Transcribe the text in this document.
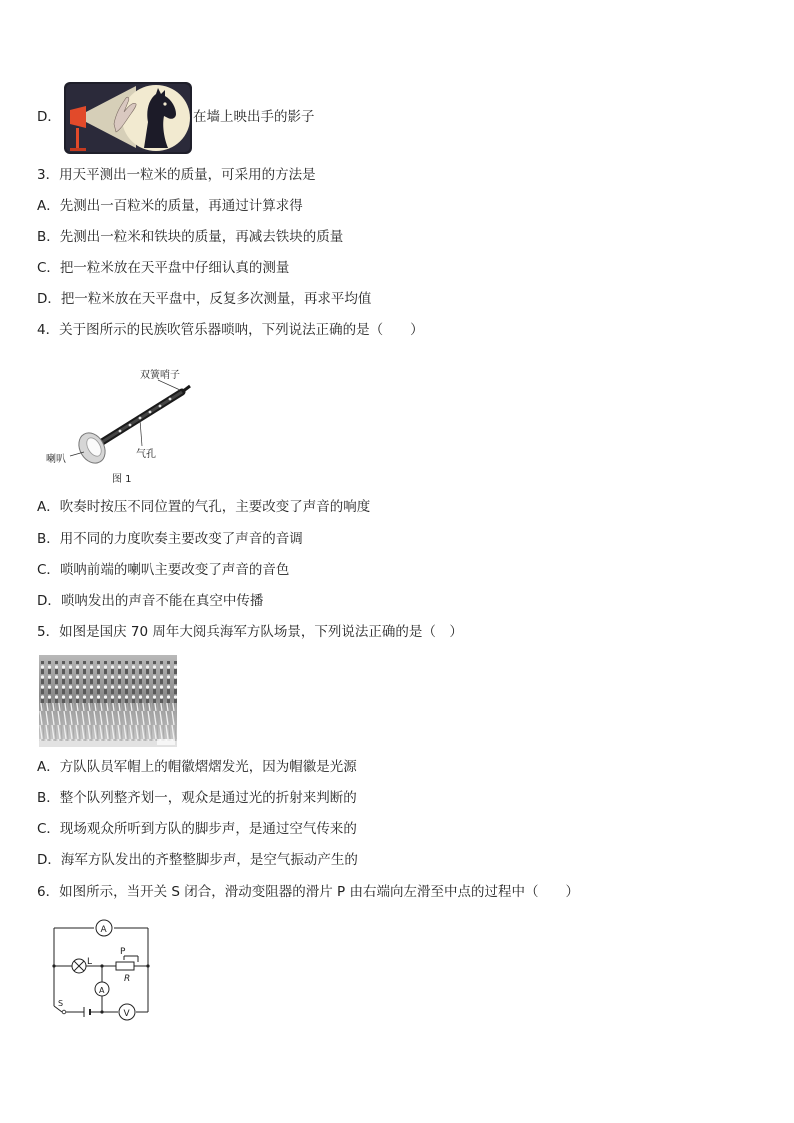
D．	在墙上映出手的影子
3．用天平测出一粒米的质量，可采用的方法是
A．先测出一百粒米的质量，再通过计算求得
B．先测出一粒米和铁块的质量，再减去铁块的质量
C．把一粒米放在天平盘中仔细认真的测量
D．把一粒米放在天平盘中，反复多次测量，再求平均值
4．关于图所示的民族吹管乐器唢呐，下列说法正确的是（　　）
双簧哨子
气孔
喇叭
图 1
A．吹奏时按压不同位置的气孔，主要改变了声音的响度
B．用不同的力度吹奏主要改变了声音的音调
C．唢呐前端的喇叭主要改变了声音的音色
D．唢呐发出的声音不能在真空中传播
5．如图是国庆 70 周年大阅兵海军方队场景，下列说法正确的是（　）
A．方队队员军帽上的帽徽熠熠发光，因为帽徽是光源
B．整个队列整齐划一，观众是通过光的折射来判断的
C．现场观众所听到方队的脚步声，是通过空气传来的
D．海军方队发出的齐整整脚步声，是空气振动产生的
6．如图所示，当开关 S 闭合，滑动变阻器的滑片 P 由右端向左滑至中点的过程中（　　）
A
A
V
L
P
R
S
